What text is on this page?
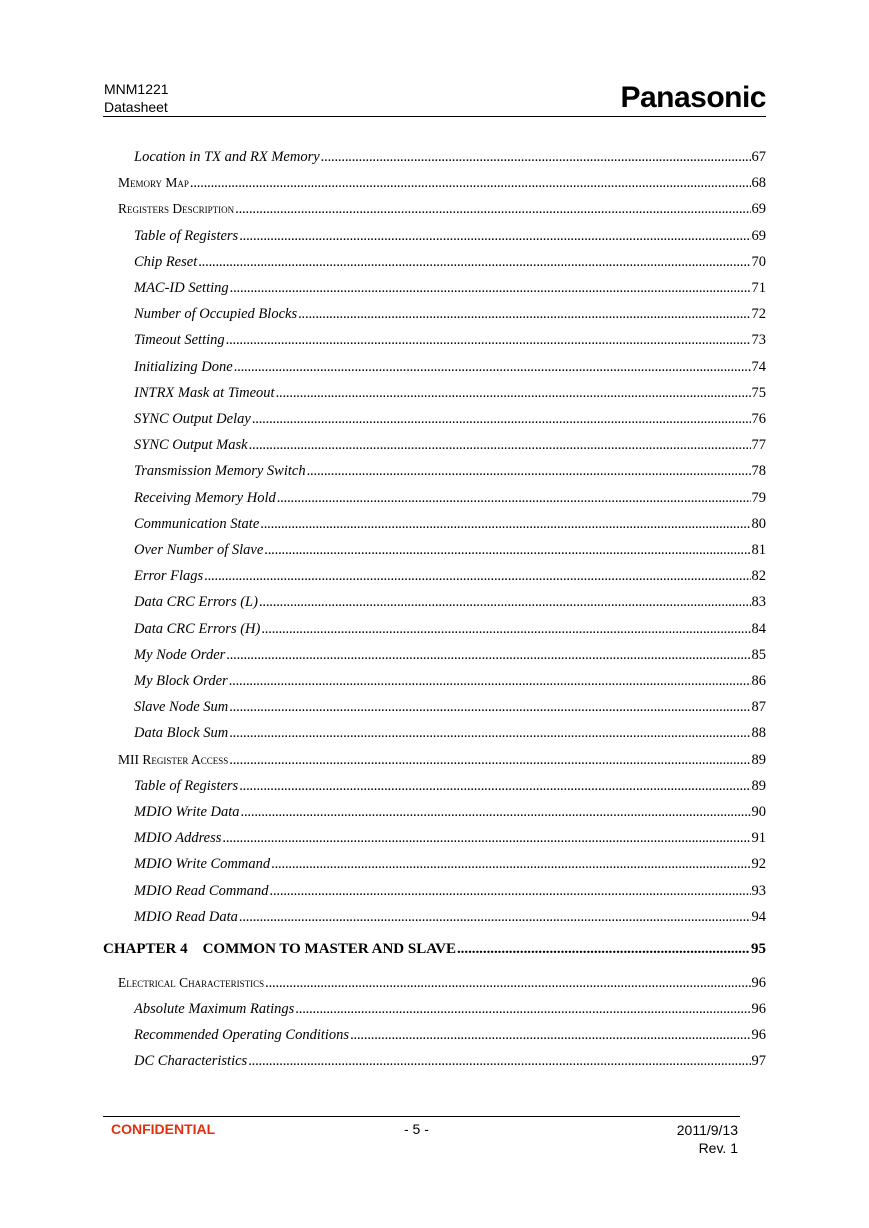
MNM1221
Datasheet	Panasonic
Location in TX and RX Memory . . .	67
Memory Map . . .	68
Registers Description . . .	69
Table of Registers . . .	69
Chip Reset . . .	70
MAC-ID Setting . . .	71
Number of Occupied Blocks . . .	72
Timeout Setting . . .	73
Initializing Done . . .	74
INTRX Mask at Timeout . . .	75
SYNC Output Delay . . .	76
SYNC Output Mask . . .	77
Transmission Memory Switch . . .	78
Receiving Memory Hold . . .	79
Communication State . . .	80
Over Number of Slave . . .	81
Error Flags . . .	82
Data CRC Errors (L) . . .	83
Data CRC Errors (H) . . .	84
My Node Order . . .	85
My Block Order . . .	86
Slave Node Sum . . .	87
Data Block Sum . . .	88
MII Register Access . . .	89
Table of Registers . . .	89
MDIO Write Data . . .	90
MDIO Address . . .	91
MDIO Write Command . . .	92
MDIO Read Command . . .	93
MDIO Read Data . . .	94
CHAPTER 4    COMMON TO MASTER AND SLAVE . . .	95
Electrical Characteristics . . .	96
Absolute Maximum Ratings . . .	96
Recommended Operating Conditions . . .	96
DC Characteristics . . .	97
CONFIDENTIAL	- 5 -	2011/9/13
Rev. 1
